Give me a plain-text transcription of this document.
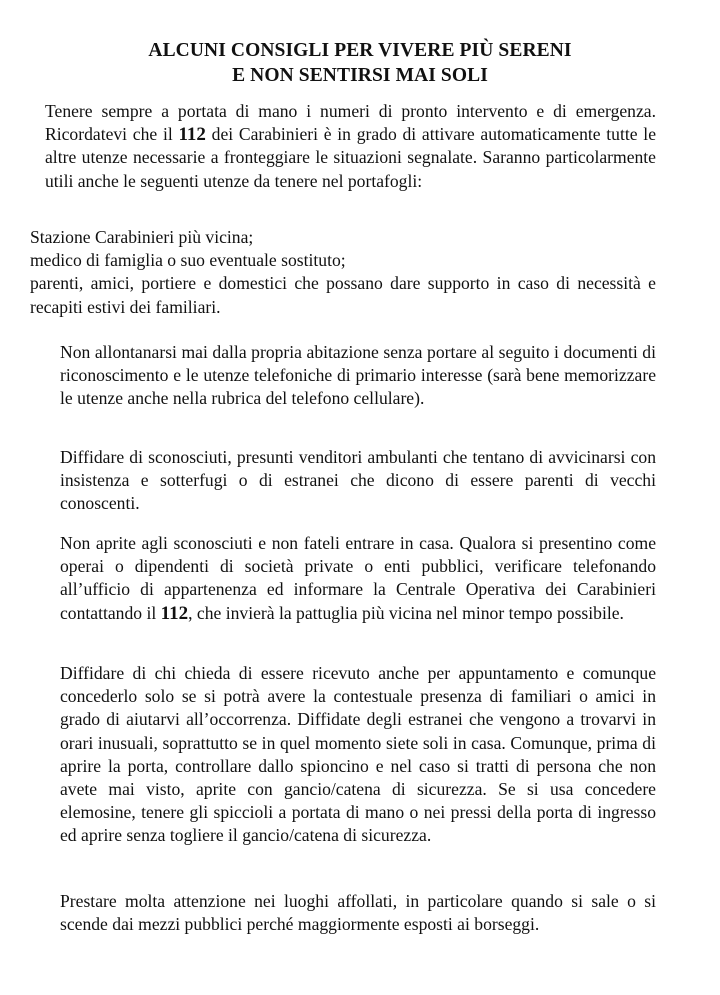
ALCUNI CONSIGLI PER VIVERE PIÙ SERENI
E NON SENTIRSI MAI SOLI

Tenere sempre a portata di mano i numeri di pronto intervento e di emergenza. Ricordatevi che il 112 dei Carabinieri è in grado di attivare automaticamente tutte le altre utenze necessarie a fronteggiare le situazioni segnalate. Saranno particolarmente utili anche le seguenti utenze da tenere nel portafogli:

Stazione Carabinieri più vicina;
medico di famiglia o suo eventuale sostituto;
parenti, amici, portiere e domestici che possano dare supporto in caso di necessità e recapiti estivi dei familiari.

Non allontanarsi mai dalla propria abitazione senza portare al seguito i documenti di riconoscimento e le utenze telefoniche di primario interesse (sarà bene memorizzare le utenze anche nella rubrica del telefono cellulare).

Diffidare di sconosciuti, presunti venditori ambulanti che tentano di avvicinarsi con insistenza e sotterfugi o di estranei che dicono di essere parenti di vecchi conoscenti.

Non aprite agli sconosciuti e non fateli entrare in casa. Qualora si presentino come operai o dipendenti di società private o enti pubblici, verificare telefonando all’ufficio di appartenenza ed informare la Centrale Operativa dei Carabinieri contattando il 112, che invierà la pattuglia più vicina nel minor tempo possibile.

Diffidare di chi chieda di essere ricevuto anche per appuntamento e comunque concederlo solo se si potrà avere la contestuale presenza di familiari o amici in grado di aiutarvi all’occorrenza. Diffidate degli estranei che vengono a trovarvi in orari inusuali, soprattutto se in quel momento siete soli in casa. Comunque, prima di aprire la porta, controllare dallo spioncino e nel caso si tratti di persona che non avete mai visto, aprite con gancio/catena di sicurezza. Se si usa concedere elemosine, tenere gli spiccioli a portata di mano o nei pressi della porta di ingresso ed aprire senza togliere il gancio/catena di sicurezza.

Prestare molta attenzione nei luoghi affollati, in particolare quando si sale o si scende dai mezzi pubblici perché maggiormente esposti ai borseggi.
